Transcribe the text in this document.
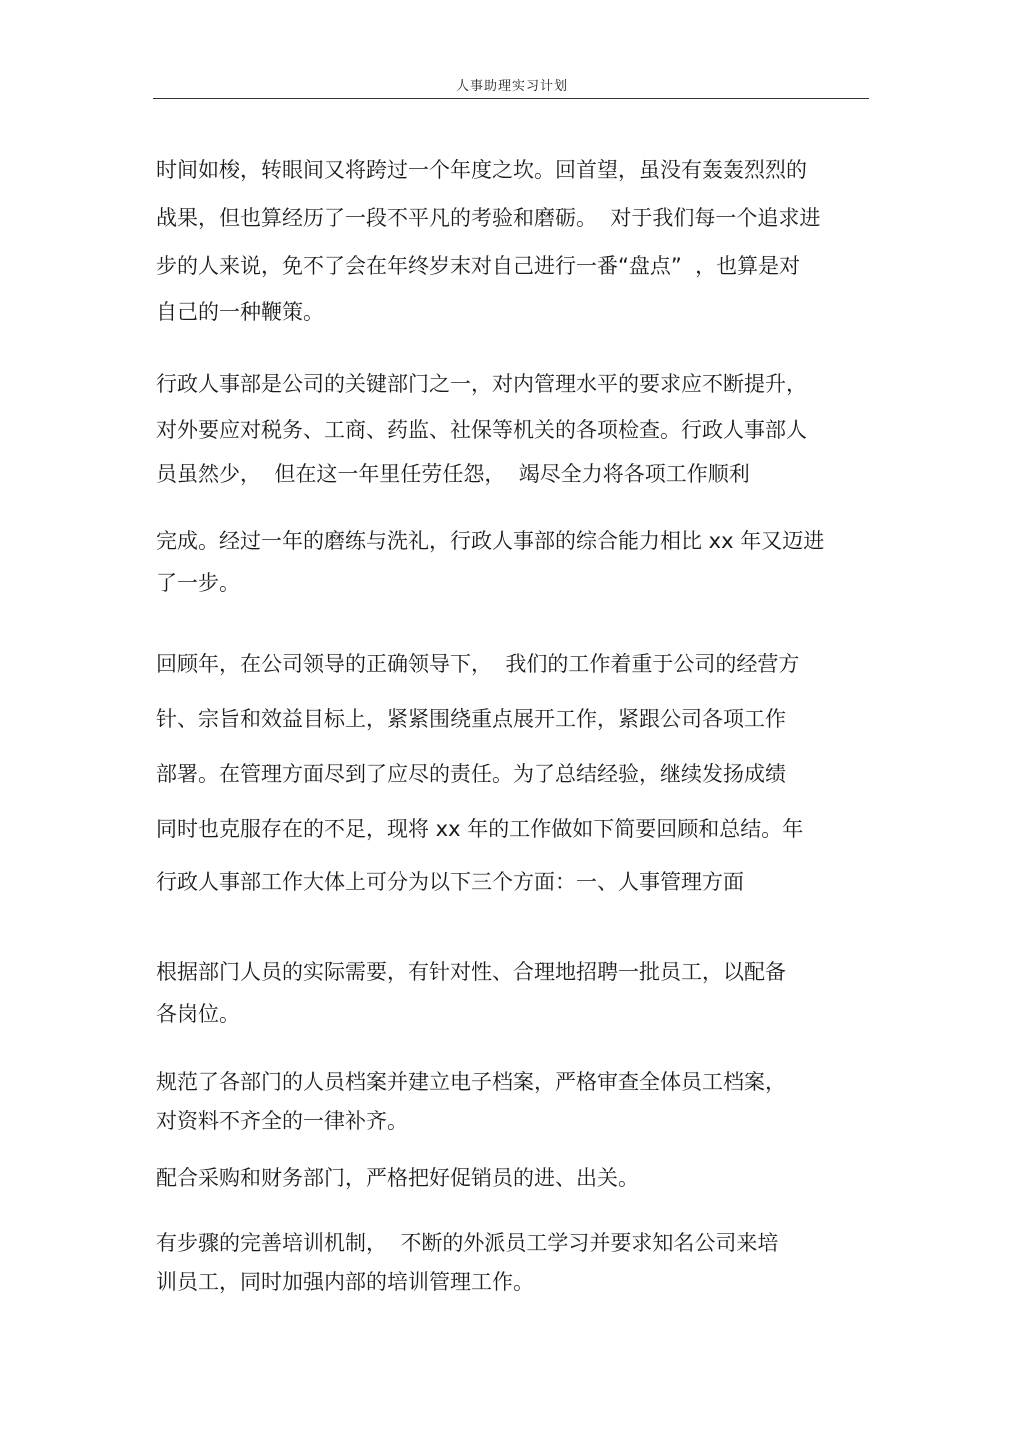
人事助理实习计划
时间如梭，转眼间又将跨过一个年度之坎。回首望，虽没有轰轰烈烈的
战果，但也算经历了一段不平凡的考验和磨砺。  对于我们每一个追求进
步的人来说，免不了会在年终岁末对自己进行一番“盘点”  ，也算是对
自己的一种鞭策。
行政人事部是公司的关键部门之一，对内管理水平的要求应不断提升，
对外要应对税务、工商、药监、社保等机关的各项检查。行政人事部人
员虽然少，  但在这一年里任劳任怨，  竭尽全力将各项工作顺利
完成。经过一年的磨练与洗礼，行政人事部的综合能力相比 xx 年又迈进
了一步。
回顾年，在公司领导的正确领导下，  我们的工作着重于公司的经营方
针、宗旨和效益目标上，紧紧围绕重点展开工作，紧跟公司各项工作
部署。在管理方面尽到了应尽的责任。为了总结经验，继续发扬成绩
同时也克服存在的不足，现将 xx 年的工作做如下简要回顾和总结。年
行政人事部工作大体上可分为以下三个方面：一、人事管理方面
根据部门人员的实际需要，有针对性、合理地招聘一批员工，以配备
各岗位。
规范了各部门的人员档案并建立电子档案，严格审查全体员工档案，
对资料不齐全的一律补齐。
配合采购和财务部门，严格把好促销员的进、出关。
有步骤的完善培训机制，  不断的外派员工学习并要求知名公司来培
训员工，同时加强内部的培训管理工作。
